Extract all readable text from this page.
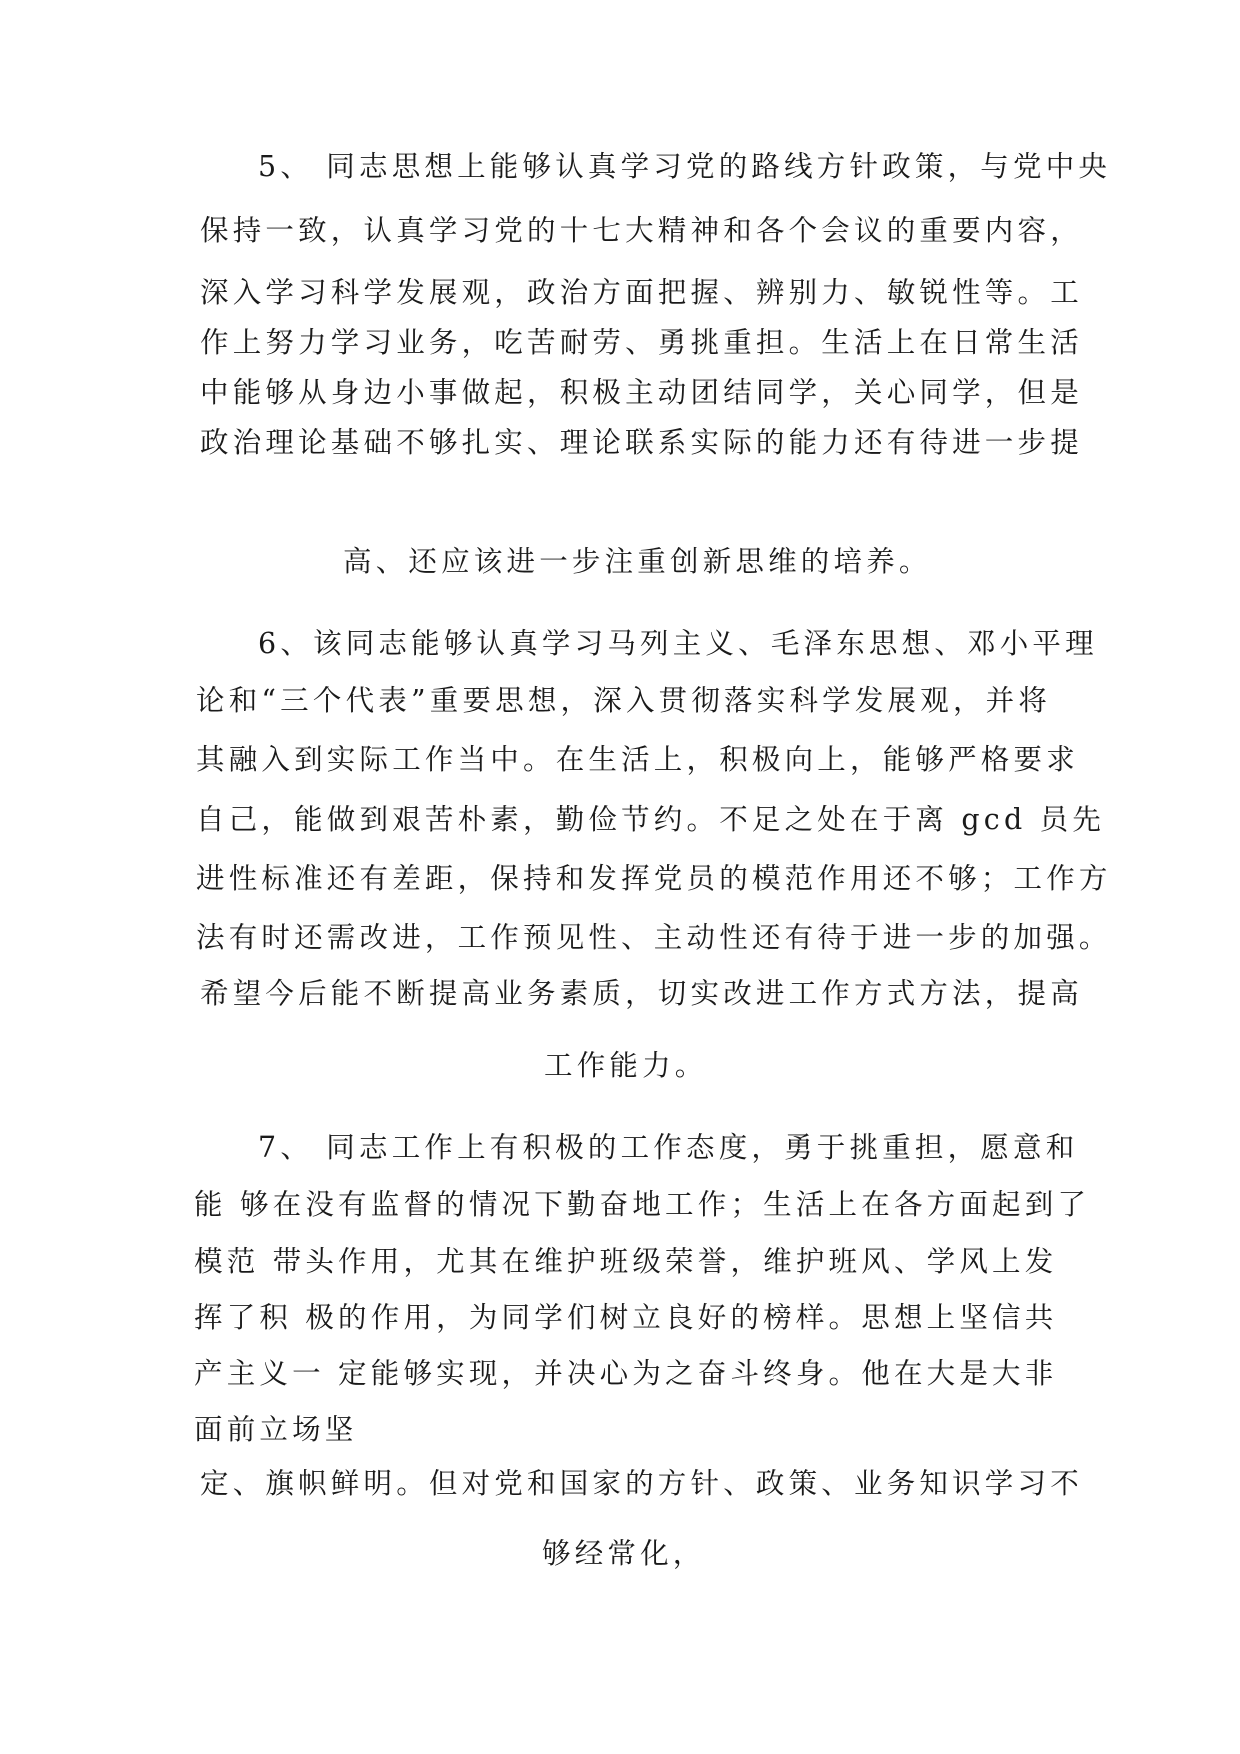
5、 同志思想上能够认真学习党的路线方针政策，与党中央
保持一致，认真学习党的十七大精神和各个会议的重要内容，
深入学习科学发展观，政治方面把握、辨别力、敏锐性等。工
作上努力学习业务，吃苦耐劳、勇挑重担。生活上在日常生活
中能够从身边小事做起，积极主动团结同学，关心同学，但是
政治理论基础不够扎实、理论联系实际的能力还有待进一步提
高、还应该进一步注重创新思维的培养。
6、该同志能够认真学习马列主义、毛泽东思想、邓小平理
论和“三个代表”重要思想，深入贯彻落实科学发展观，并将
其融入到实际工作当中。在生活上，积极向上，能够严格要求
自己，能做到艰苦朴素，勤俭节约。不足之处在于离 gcd 员先
进性标准还有差距，保持和发挥党员的模范作用还不够；工作方
法有时还需改进，工作预见性、主动性还有待于进一步的加强。
希望今后能不断提高业务素质，切实改进工作方式方法，提高
工作能力。
7、 同志工作上有积极的工作态度，勇于挑重担，愿意和
能 够在没有监督的情况下勤奋地工作；生活上在各方面起到了
模范 带头作用，尤其在维护班级荣誉，维护班风、学风上发
挥了积 极的作用，为同学们树立良好的榜样。思想上坚信共
产主义一 定能够实现，并决心为之奋斗终身。他在大是大非
面前立场坚
定、旗帜鲜明。但对党和国家的方针、政策、业务知识学习不
够经常化，
